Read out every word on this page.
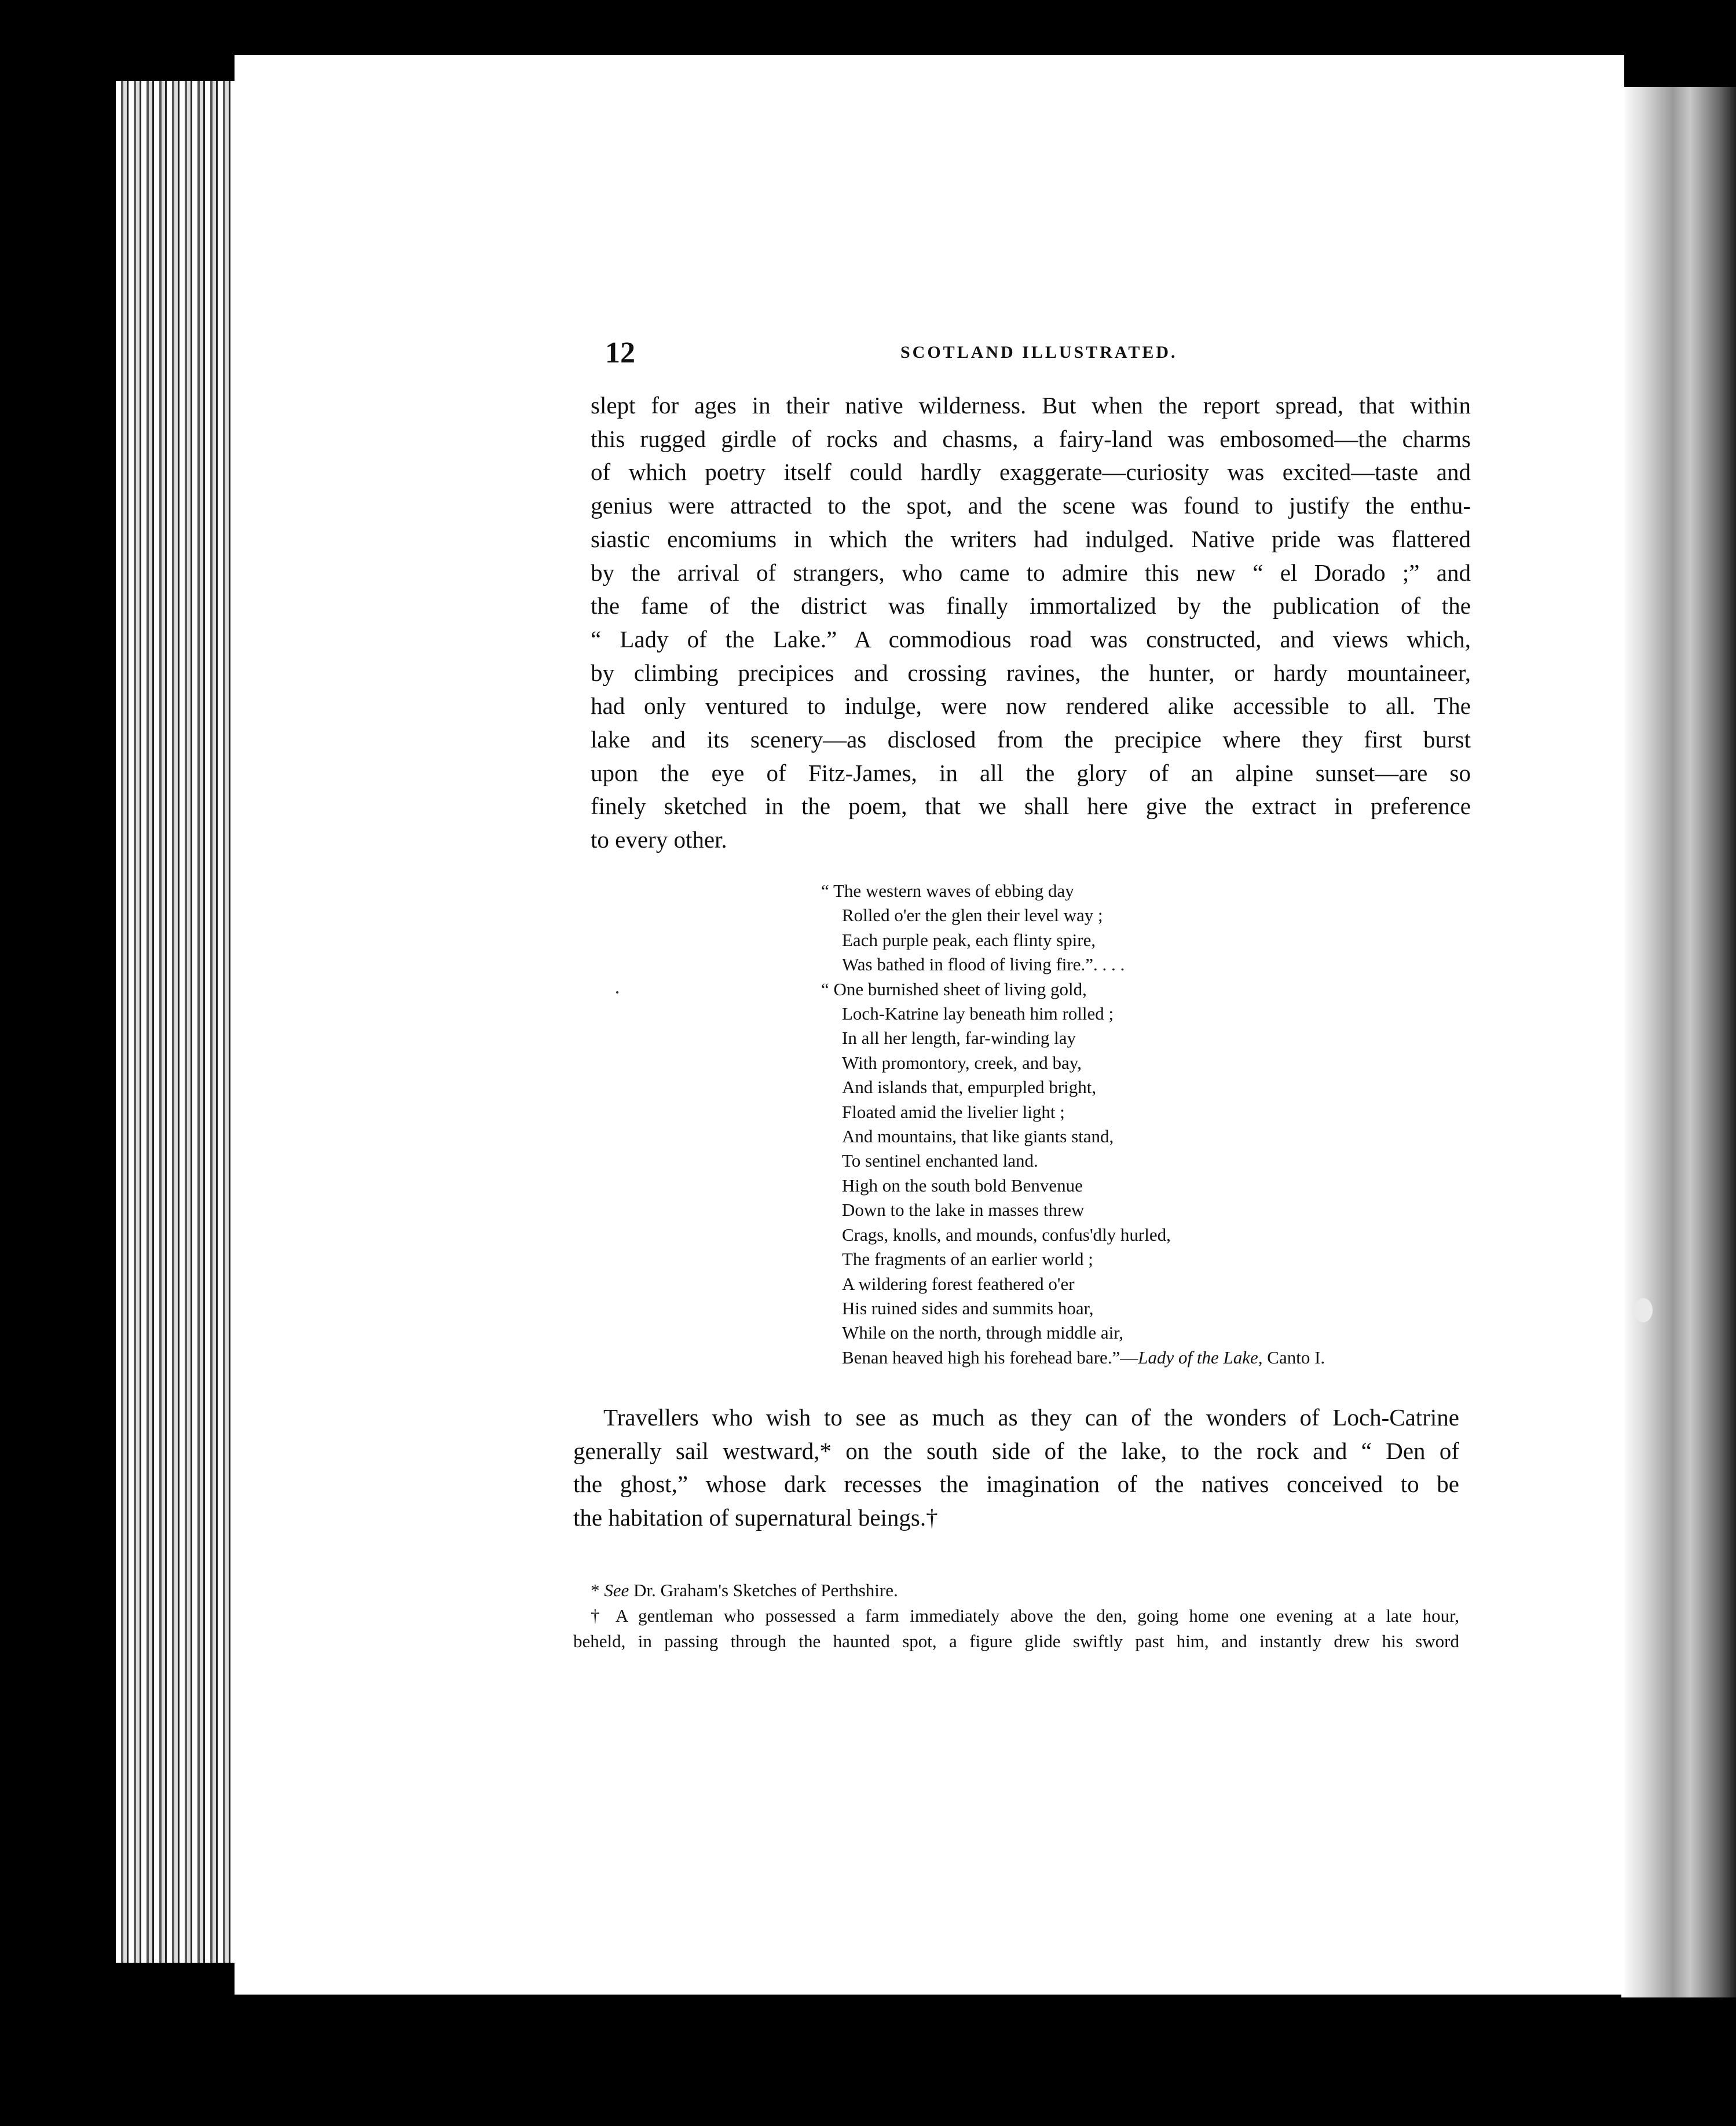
12	SCOTLAND ILLUSTRATED.
slept for ages in their native wilderness. But when the report spread, that within
this rugged girdle of rocks and chasms, a fairy-land was embosomed—the charms
of which poetry itself could hardly exaggerate—curiosity was excited—taste and
genius were attracted to the spot, and the scene was found to justify the enthu-
siastic encomiums in which the writers had indulged. Native pride was flattered
by the arrival of strangers, who came to admire this new “ el Dorado ;” and
the fame of the district was finally immortalized by the publication of the
“ Lady of the Lake.” A commodious road was constructed, and views which,
by climbing precipices and crossing ravines, the hunter, or hardy mountaineer,
had only ventured to indulge, were now rendered alike accessible to all. The
lake and its scenery—as disclosed from the precipice where they first burst
upon the eye of Fitz-James, in all the glory of an alpine sunset—are so
finely sketched in the poem, that we shall here give the extract in preference
to every other.
“ The western waves of ebbing day
Rolled o'er the glen their level way ;
Each purple peak, each flinty spire,
Was bathed in flood of living fire.”. . . .
“ One burnished sheet of living gold,
Loch-Katrine lay beneath him rolled ;
In all her length, far-winding lay
With promontory, creek, and bay,
And islands that, empurpled bright,
Floated amid the livelier light ;
And mountains, that like giants stand,
To sentinel enchanted land.
High on the south bold Benvenue
Down to the lake in masses threw
Crags, knolls, and mounds, confus'dly hurled,
The fragments of an earlier world ;
A wildering forest feathered o'er
His ruined sides and summits hoar,
While on the north, through middle air,
Benan heaved high his forehead bare.”—Lady of the Lake, Canto I.
Travellers who wish to see as much as they can of the wonders of Loch-Catrine
generally sail westward,* on the south side of the lake, to the rock and “ Den of
the ghost,” whose dark recesses the imagination of the natives conceived to be
the habitation of supernatural beings.†
* See Dr. Graham's Sketches of Perthshire.
† A gentleman who possessed a farm immediately above the den, going home one evening at a late hour,
beheld, in passing through the haunted spot, a figure glide swiftly past him, and instantly drew his sword
